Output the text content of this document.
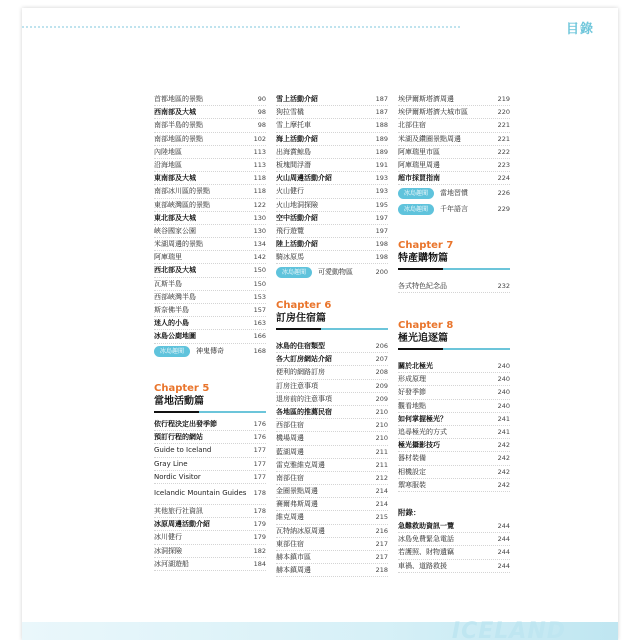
目錄
首都地區的景點	90
西南部及大城	98
南部半島的景點	98
南部地區的景點	102
內陸地區	113
沿海地區	113
東南部及大城	118
南部冰川區的景點	118
東部峽灣區的景點	122
東北部及大城	130
峽谷國家公園	130
米湖周邊的景點	134
阿庫瑞里	142
西北部及大城	150
瓦斯半島	150
西部峽灣半島	153
斯奈佛半島	157
迷人的小島	163
冰島公廁地圖	166
冰島趣聞	神鬼傳奇	168
雪上活動介紹	187
狗拉雪橇	187
雪上摩托車	188
海上活動介紹	189
出海賞鯨島	189
板塊間浮潛	191
火山周邊活動介紹	193
火山健行	193
火山地洞探險	195
空中活動介紹	197
飛行遊覽	197
陸上活動介紹	198
騎冰原馬	198
冰島趣聞	可愛動物區	200
埃伊爾斯塔濟周邊	219
埃伊爾斯塔濟大城市區	220
北部住宿	221
米湖及鑽圈景點周邊	221
阿庫瑞里市區	222
阿庫瑞里周邊	223
超市採買指南	224
冰島趣聞	當地習慣	226
冰島趣聞	千年語言	229
Chapter 5
當地活動篇
Chapter 6
訂房住宿篇
Chapter 7
特產購物篇
Chapter 8
極光追逐篇
依行程決定出發季節	176
預訂行程的網站	176
Guide to Iceland	177
Gray Line	177
Nordic Visitor	177
Icelandic Mountain Guides 178
其他旅行社資訊	178
冰原周邊活動介紹	179
冰川健行	179
冰洞探險	182
冰河湖遊船	184
冰島的住宿類型	206
各大訂房網站介紹	207
便利的網路訂房	208
訂房注意事項	209
退房前的注意事項	209
各地區的推薦民宿	210
西部住宿	210
機場周邊	210
藍湖周邊	211
雷克雅維克周邊	211
南部住宿	212
金圈景點周邊	214
賽爾弗斯周邊	214
維克周邊	215
瓦特納冰原周邊	216
東部住宿	217
赫本鎮市區	217
赫本鎮周邊	218
各式特色紀念品	232
關於北極光	240
形成原理	240
好發季節	240
觀看地點	240
如何掌握極光？	241
追尋極光的方式	241
極光攝影技巧	242
器材裝備	242
相機設定	242
禦寒服裝	242
附錄：
急難救助資訊一覽	244
冰島免費緊急電話	244
若護照、財物遺竊	244
車禍、道路救援	244
ICELAND
